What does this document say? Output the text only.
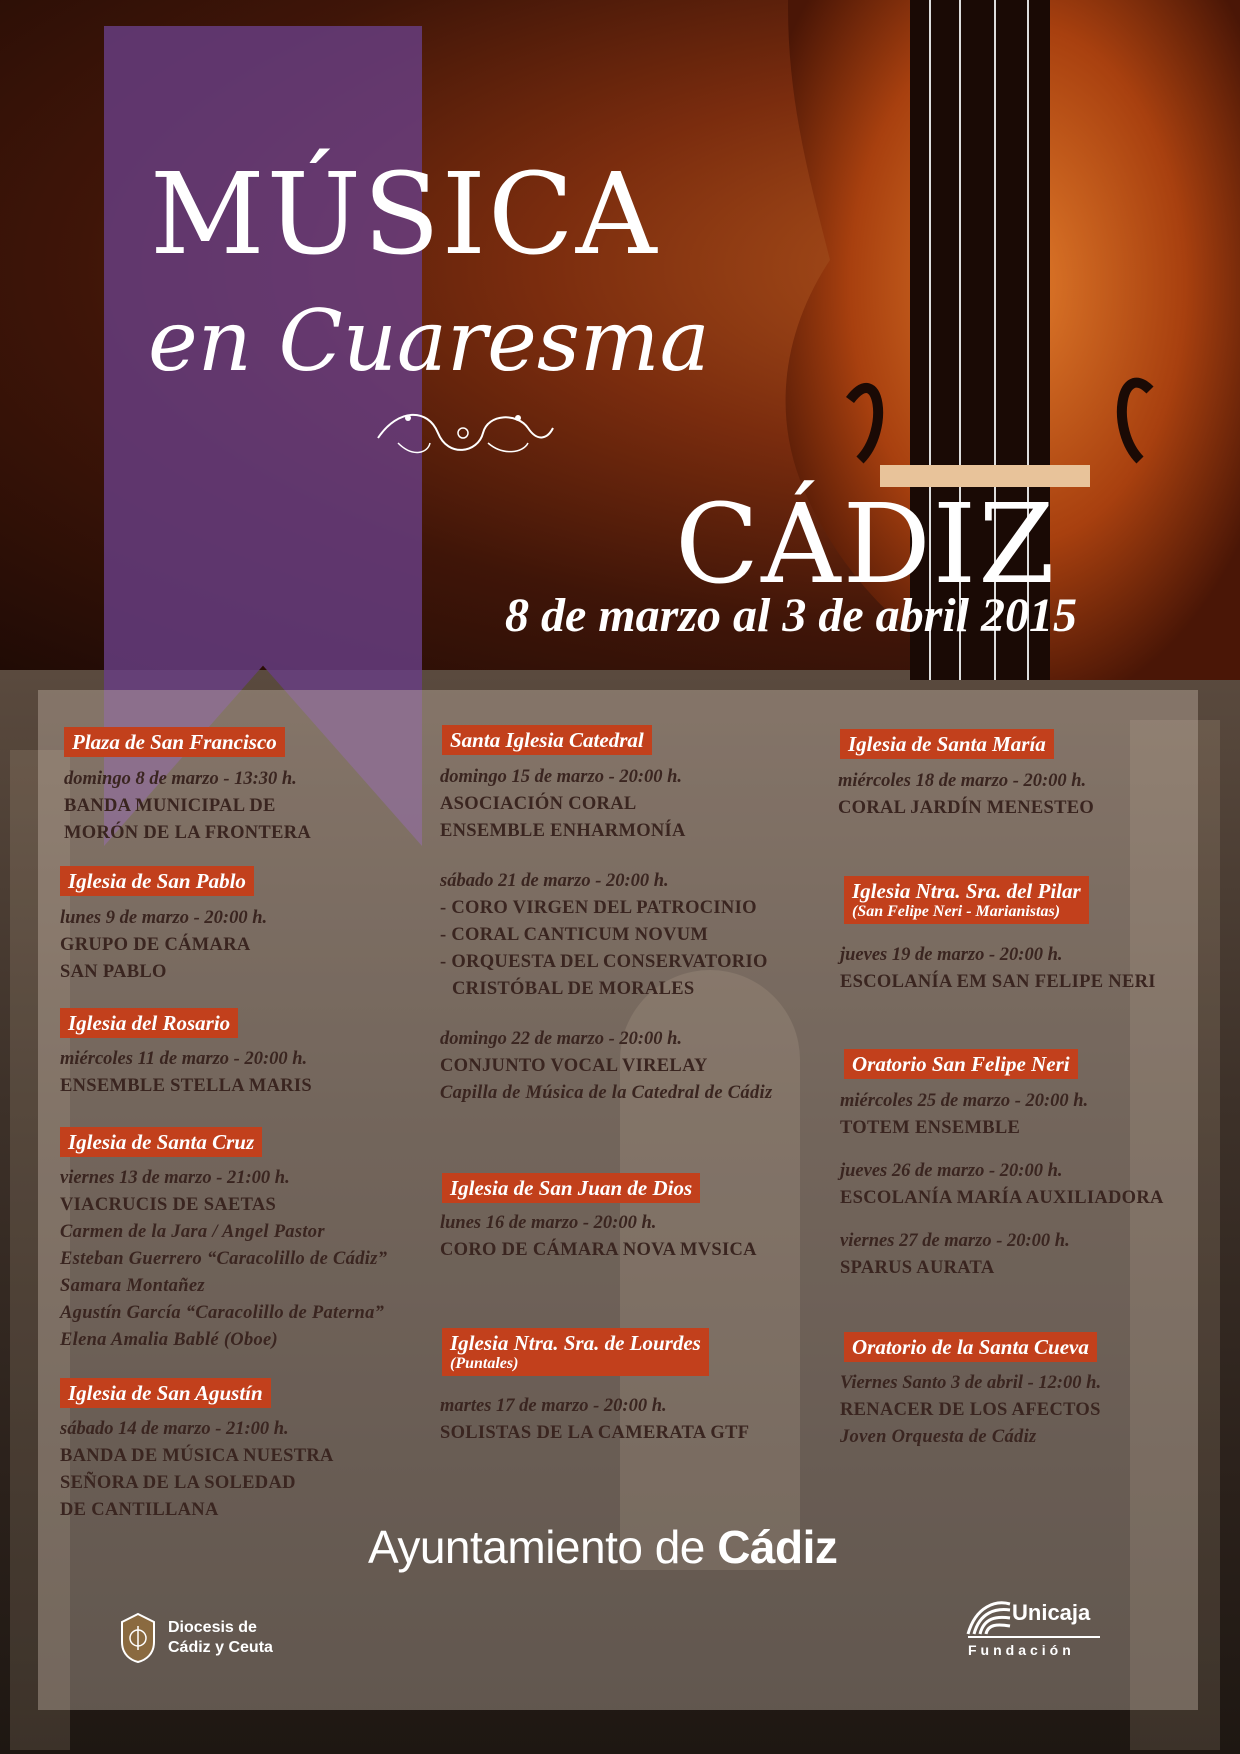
MÚSICA
en Cuaresma
CÁDIZ
8 de marzo al 3 de abril 2015
Plaza de San Francisco
domingo 8 de marzo - 13:30 h.
BANDA MUNICIPAL DE
MORÓN DE LA FRONTERA
Iglesia de San Pablo
lunes 9 de marzo - 20:00 h.
GRUPO DE CÁMARA
SAN PABLO
Iglesia del Rosario
miércoles 11 de marzo - 20:00 h.
ENSEMBLE STELLA MARIS
Iglesia de Santa Cruz
viernes 13 de marzo - 21:00 h.
VIACRUCIS DE SAETAS
Carmen de la Jara / Angel Pastor
Esteban Guerrero “Caracolillo de Cádiz”
Samara Montañez
Agustín García “Caracolillo de Paterna”
Elena Amalia Bablé (Oboe)
Iglesia de San Agustín
sábado 14 de marzo - 21:00 h.
BANDA DE MÚSICA NUESTRA
SEÑORA DE LA SOLEDAD
DE CANTILLANA
Santa Iglesia Catedral
domingo 15 de marzo - 20:00 h.
ASOCIACIÓN CORAL
ENSEMBLE ENHARMONÍA
sábado 21 de marzo - 20:00 h.
- CORO VIRGEN DEL PATROCINIO
- CORAL CANTICUM NOVUM
- ORQUESTA DEL CONSERVATORIO
CRISTÓBAL DE MORALES
domingo 22 de marzo - 20:00 h.
CONJUNTO VOCAL VIRELAY
Capilla de Música de la Catedral de Cádiz
Iglesia de San Juan de Dios
lunes 16 de marzo - 20:00 h.
CORO DE CÁMARA NOVA MVSICA
Iglesia Ntra. Sra. de Lourdes
(Puntales)
martes 17 de marzo - 20:00 h.
SOLISTAS DE LA CAMERATA GTF
Iglesia de Santa María
miércoles 18 de marzo - 20:00 h.
CORAL JARDÍN MENESTEO
Iglesia Ntra. Sra. del Pilar
(San Felipe Neri - Marianistas)
jueves 19 de marzo - 20:00 h.
ESCOLANÍA EM SAN FELIPE NERI
Oratorio San Felipe Neri
miércoles 25 de marzo - 20:00 h.
TOTEM ENSEMBLE
jueves 26 de marzo - 20:00 h.
ESCOLANÍA MARÍA AUXILIADORA
viernes 27 de marzo - 20:00 h.
SPARUS AURATA
Oratorio de la Santa Cueva
Viernes Santo 3 de abril - 12:00 h.
RENACER DE LOS AFECTOS
Joven Orquesta de Cádiz
Ayuntamiento de Cádiz
Diocesis de
Cádiz y Ceuta
Unicaja
Fundación
